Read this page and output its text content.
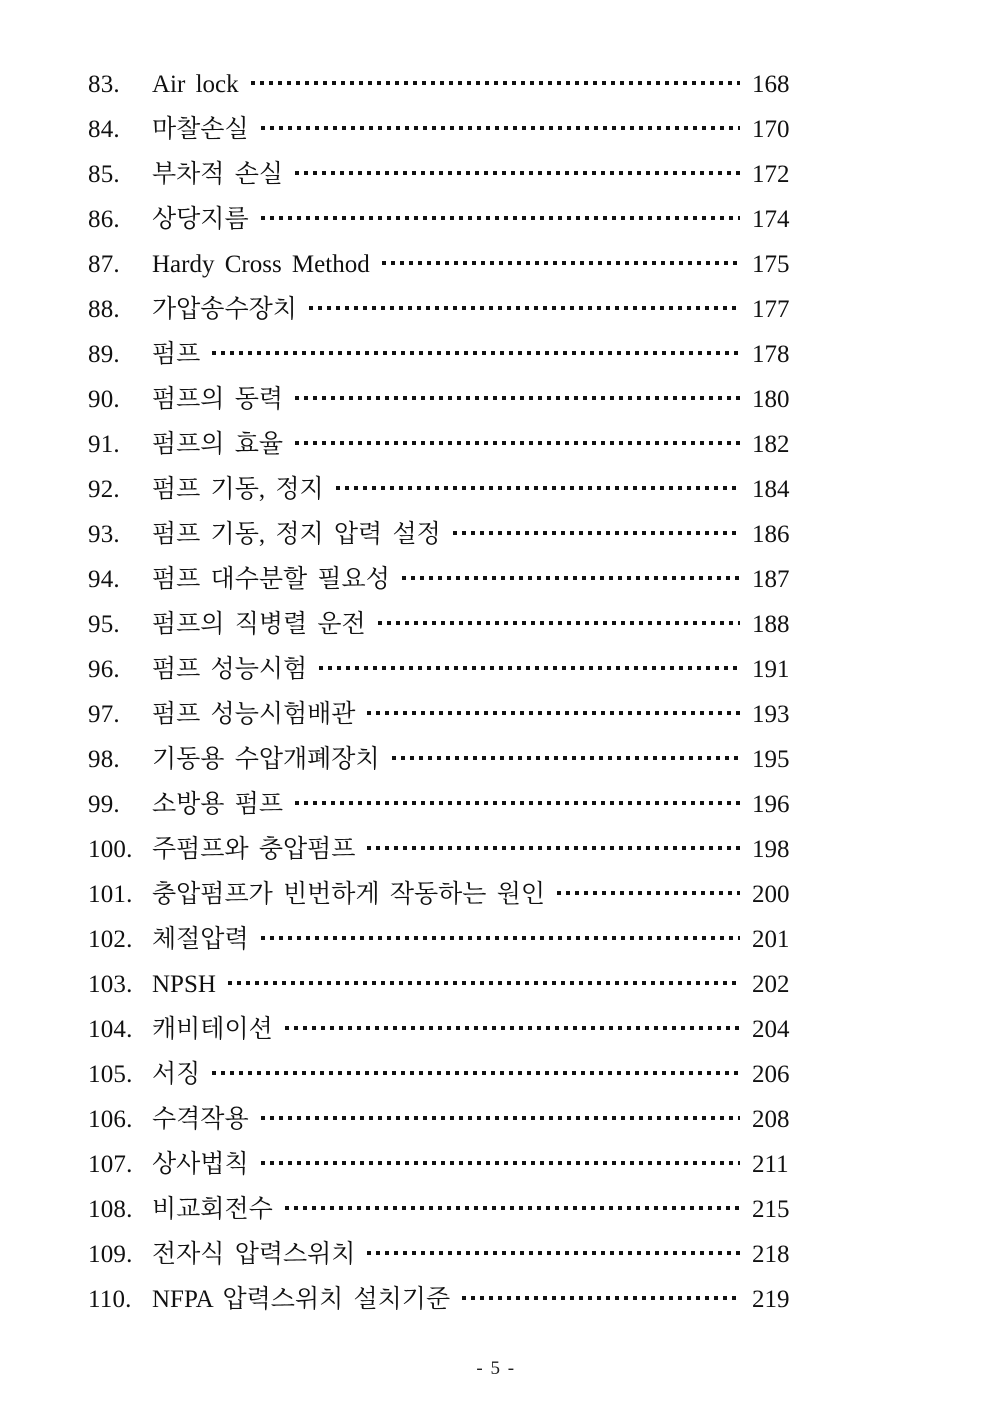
83.	Air lock	168
84.	마찰손실	170
85.	부차적 손실	172
86.	상당지름	174
87.	Hardy Cross Method	175
88.	가압송수장치	177
89.	펌프	178
90.	펌프의 동력	180
91.	펌프의 효율	182
92.	펌프 기동, 정지	184
93.	펌프 기동, 정지 압력 설정	186
94.	펌프 대수분할 필요성	187
95.	펌프의 직병렬 운전	188
96.	펌프 성능시험	191
97.	펌프 성능시험배관	193
98.	기동용 수압개폐장치	195
99.	소방용 펌프	196
100. 주펌프와 충압펌프	198
101. 충압펌프가 빈번하게 작동하는 원인	200
102. 체절압력	201
103. NPSH	202
104. 캐비테이션	204
105. 서징	206
106. 수격작용	208
107. 상사법칙	211
108. 비교회전수	215
109. 전자식 압력스위치	218
110. NFPA 압력스위치 설치기준	219
- 5 -
